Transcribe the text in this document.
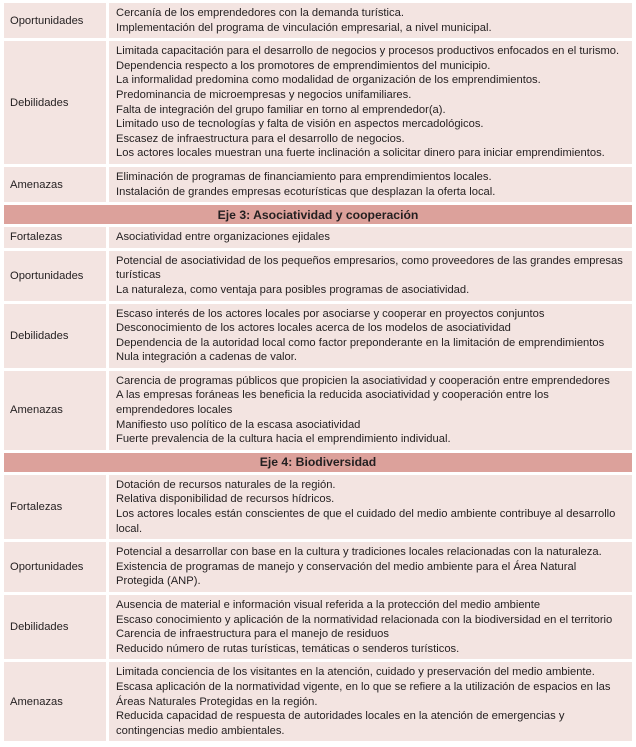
Oportunidades
Cercanía de los emprendedores con la demanda turística.
Implementación del programa de vinculación empresarial, a nivel municipal.
Debilidades
Limitada capacitación para el desarrollo de negocios y procesos productivos enfocados en el turismo.
Dependencia respecto a los promotores de emprendimientos del municipio.
La informalidad predomina como modalidad de organización de los emprendimientos.
Predominancia de microempresas y negocios unifamiliares.
Falta de integración del grupo familiar en torno al emprendedor(a).
Limitado uso de tecnologías y falta de visión en aspectos mercadológicos.
Escasez de infraestructura para el desarrollo de negocios.
Los actores locales muestran una fuerte inclinación a solicitar dinero para iniciar emprendimientos.
Amenazas
Eliminación de programas de financiamiento para emprendimientos locales.
Instalación de grandes empresas ecoturísticas que desplazan la oferta local.
Eje 3: Asociatividad y cooperación
Fortalezas	Asociatividad entre organizaciones ejidales
Oportunidades
Potencial de asociatividad de los pequeños empresarios, como proveedores de las grandes empresas turísticas
La naturaleza, como ventaja para posibles programas de asociatividad.
Debilidades
Escaso interés de los actores locales por asociarse y cooperar en proyectos conjuntos
Desconocimiento de los actores locales acerca de los modelos de asociatividad
Dependencia de la autoridad local como factor preponderante en la limitación de emprendimientos
Nula integración a cadenas de valor.
Amenazas
Carencia de programas públicos que propicien la asociatividad y cooperación entre emprendedores
A las empresas foráneas les beneficia la reducida asociatividad y cooperación entre los emprendedores locales
Manifiesto uso político de la escasa asociatividad
Fuerte prevalencia de la cultura hacia el emprendimiento individual.
Eje 4: Biodiversidad
Fortalezas
Dotación de recursos naturales de la región.
Relativa disponibilidad de recursos hídricos.
Los actores locales están conscientes de que el cuidado del medio ambiente contribuye al desarrollo local.
Oportunidades
Potencial a desarrollar con base en la cultura y tradiciones locales relacionadas con la naturaleza.
Existencia de programas de manejo y conservación del medio ambiente para el Área Natural Protegida (ANP).
Debilidades
Ausencia de material e información visual referida a la protección del medio ambiente
Escaso conocimiento y aplicación de la normatividad relacionada con la biodiversidad en el territorio
Carencia de infraestructura para el manejo de residuos
Reducido número de rutas turísticas, temáticas o senderos turísticos.
Amenazas
Limitada conciencia de los visitantes en la atención, cuidado y preservación del medio ambiente.
Escasa aplicación de la normatividad vigente, en lo que se refiere a la utilización de espacios en las Áreas Naturales Protegidas en la región.
Reducida capacidad de respuesta de autoridades locales en la atención de emergencias y contingencias medio ambientales.
